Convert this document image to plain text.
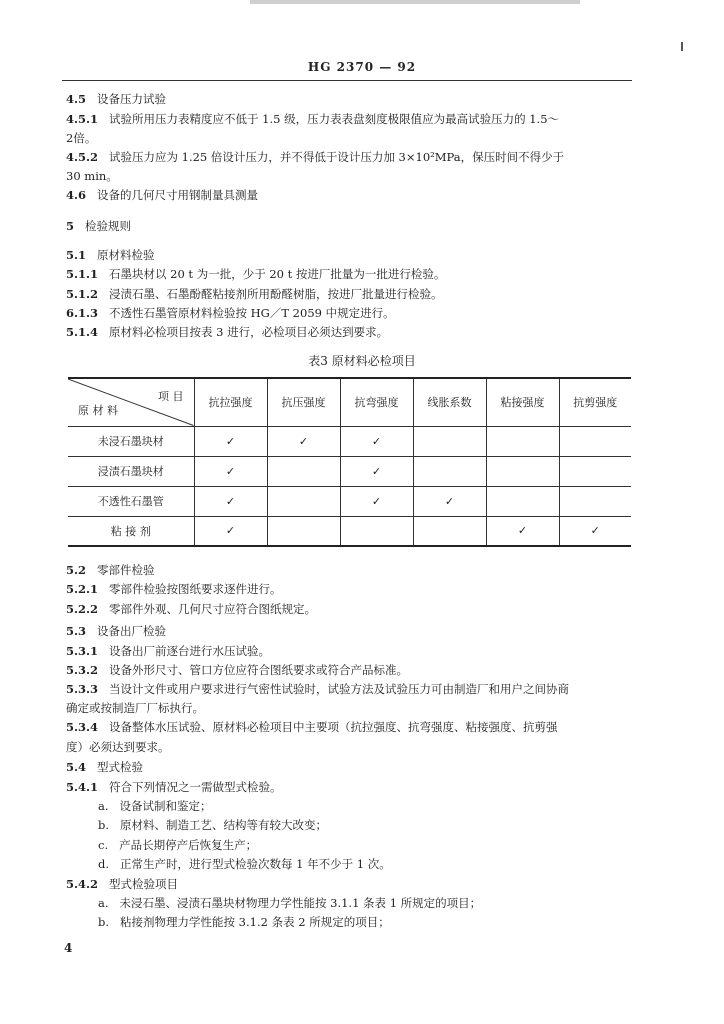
HG 2370 — 92
4.5 设备压力试验
4.5.1 试验所用压力表精度应不低于 1.5 级，压力表表盘刻度极限值应为最高试验压力的 1.5～
2倍。
4.5.2 试验压力应为 1.25 倍设计压力，并不得低于设计压力加 3×10²MPa，保压时间不得少于
30 min。
4.6 设备的几何尺寸用钢制量具测量
5 检验规则
5.1 原材料检验
5.1.1 石墨块材以 20 t 为一批，少于 20 t 按进厂批量为一批进行检验。
5.1.2 浸渍石墨、石墨酚醛粘接剂所用酚醛树脂，按进厂批量进行检验。
6.1.3 不透性石墨管原材料检验按 HG／T 2059 中规定进行。
5.1.4 原材料必检项目按表 3 进行，必检项目必须达到要求。
表3 原材料必检项目
项 目
原 材 料	抗拉强度	抗压强度	抗弯强度	线胀系数	粘接强度	抗剪强度
未浸石墨块材	✓	✓	✓			
浸渍石墨块材	✓		✓			
不透性石墨管	✓		✓	✓		
粘 接 剂	✓				✓	✓
5.2 零部件检验
5.2.1 零部件检验按图纸要求逐件进行。
5.2.2 零部件外观、几何尺寸应符合图纸规定。
5.3 设备出厂检验
5.3.1 设备出厂前逐台进行水压试验。
5.3.2 设备外形尺寸、管口方位应符合图纸要求或符合产品标准。
5.3.3 当设计文件或用户要求进行气密性试验时，试验方法及试验压力可由制造厂和用户之间协商
确定或按制造厂厂标执行。
5.3.4 设备整体水压试验、原材料必检项目中主要项（抗拉强度、抗弯强度、粘接强度、抗剪强
度）必须达到要求。
5.4 型式检验
5.4.1 符合下列情况之一需做型式检验。
a. 设备试制和鉴定；
b. 原材料、制造工艺、结构等有较大改变；
c. 产品长期停产后恢复生产；
d. 正常生产时，进行型式检验次数每 1 年不少于 1 次。
5.4.2 型式检验项目
a. 未浸石墨、浸渍石墨块材物理力学性能按 3.1.1 条表 1 所规定的项目；
b. 粘接剂物理力学性能按 3.1.2 条表 2 所规定的项目；
4
